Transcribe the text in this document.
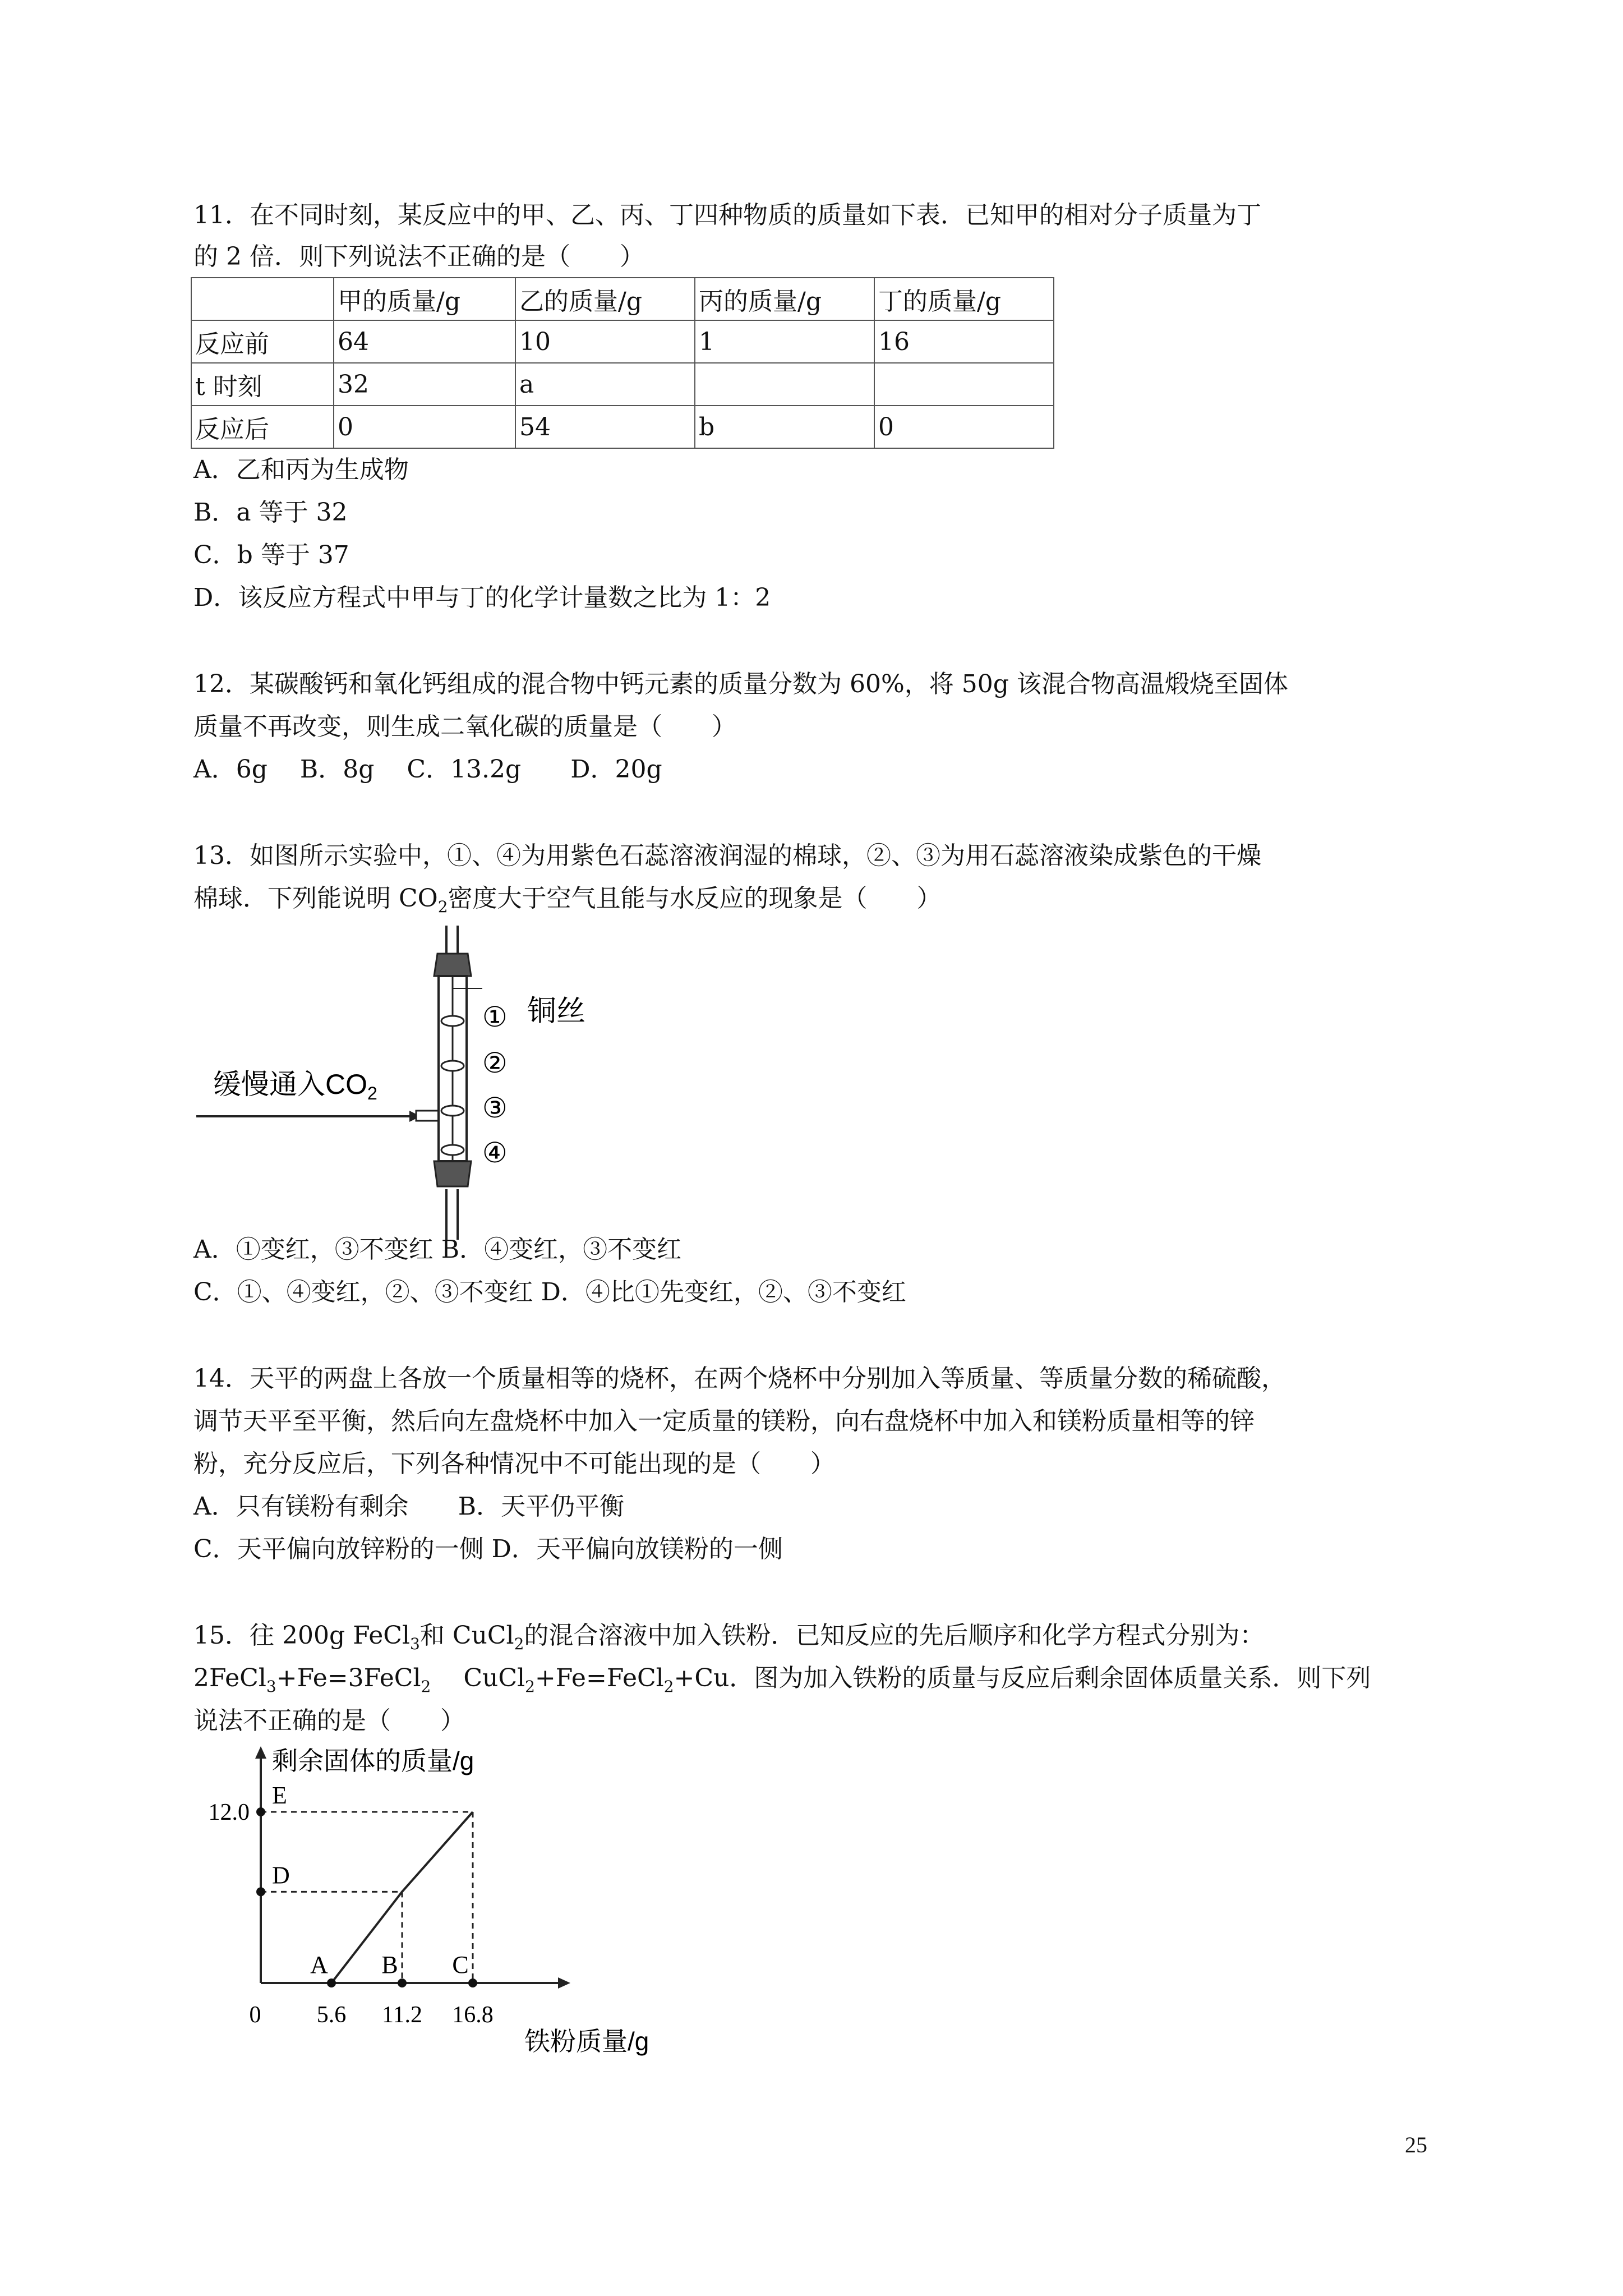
11．在不同时刻，某反应中的甲、乙、丙、丁四种物质的质量如下表．已知甲的相对分子质量为丁
的 2 倍．则下列说法不正确的是（　　）
	甲的质量/g	乙的质量/g	丙的质量/g	丁的质量/g
反应前	64	10	1	16
t 时刻	32	a		
反应后	0	54	b	0
A．乙和丙为生成物
B．a 等于 32
C．b 等于 37
D．该反应方程式中甲与丁的化学计量数之比为 1：2
12．某碳酸钙和氧化钙组成的混合物中钙元素的质量分数为 60%，将 50g 该混合物高温煅烧至固体
质量不再改变，则生成二氧化碳的质量是（　　）
A．6g　 B．8g　 C．13.2g　　D．20g
13．如图所示实验中，①、④为用紫色石蕊溶液润湿的棉球，②、③为用石蕊溶液染成紫色的干燥
棉球．下列能说明 $CO_2$密度大于空气且能与水反应的现象是（　　）
缓慢通入$CO_2$
铜丝
①
②
③
④
A．①变红，③不变红 B．④变红，③不变红
C．①、④变红，②、③不变红 D．④比①先变红，②、③不变红
14．天平的两盘上各放一个质量相等的烧杯，在两个烧杯中分别加入等质量、等质量分数的稀硫酸，
调节天平至平衡，然后向左盘烧杯中加入一定质量的镁粉，向右盘烧杯中加入和镁粉质量相等的锌
粉，充分反应后，下列各种情况中不可能出现的是（　　）
A．只有镁粉有剩余　　B．天平仍平衡
C．天平偏向放锌粉的一侧 D．天平偏向放镁粉的一侧
15．往 200g FeCl$_3$和 CuCl$_2$的混合溶液中加入铁粉．已知反应的先后顺序和化学方程式分别为：
2FeCl$_3$+Fe=3FeCl$_2$　 CuCl$_2$+Fe=FeCl$_2$+Cu．图为加入铁粉的质量与反应后剩余固体质量关系．则下列
说法不正确的是（　　）
剩余固体的质量/g
铁粉质量/g
0 5.6 11.2 16.8
12.0
A B C
D
E
25
